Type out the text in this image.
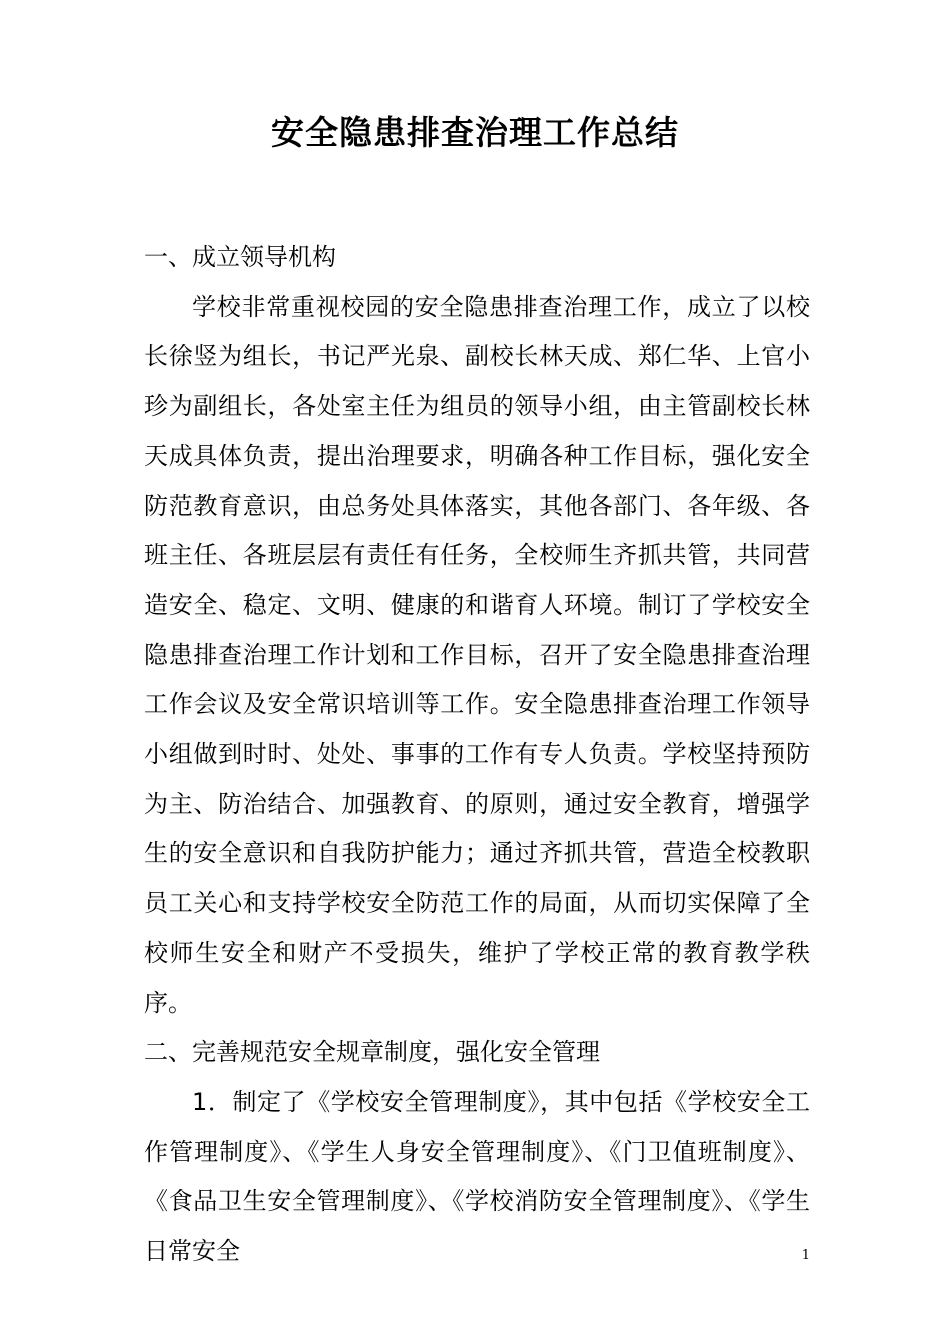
安全隐患排查治理工作总结

一、成立领导机构

学校非常重视校园的安全隐患排查治理工作，成立了以校长徐竖为组长，书记严光泉、副校长林天成、郑仁华、上官小珍为副组长，各处室主任为组员的领导小组，由主管副校长林天成具体负责，提出治理要求，明确各种工作目标，强化安全防范教育意识，由总务处具体落实，其他各部门、各年级、各班主任、各班层层有责任有任务，全校师生齐抓共管，共同营造安全、稳定、文明、健康的和谐育人环境。制订了学校安全隐患排查治理工作计划和工作目标，召开了安全隐患排查治理工作会议及安全常识培训等工作。安全隐患排查治理工作领导小组做到时时、处处、事事的工作有专人负责。学校坚持预防为主、防治结合、加强教育、的原则，通过安全教育，增强学生的安全意识和自我防护能力；通过齐抓共管，营造全校教职员工关心和支持学校安全防范工作的局面，从而切实保障了全校师生安全和财产不受损失，维护了学校正常的教育教学秩序。

二、完善规范安全规章制度，强化安全管理

1．制定了《学校安全管理制度》，其中包括《学校安全工作管理制度》、《学生人身安全管理制度》、《门卫值班制度》、《食品卫生安全管理制度》、《学校消防安全管理制度》、《学生日常安全	1
